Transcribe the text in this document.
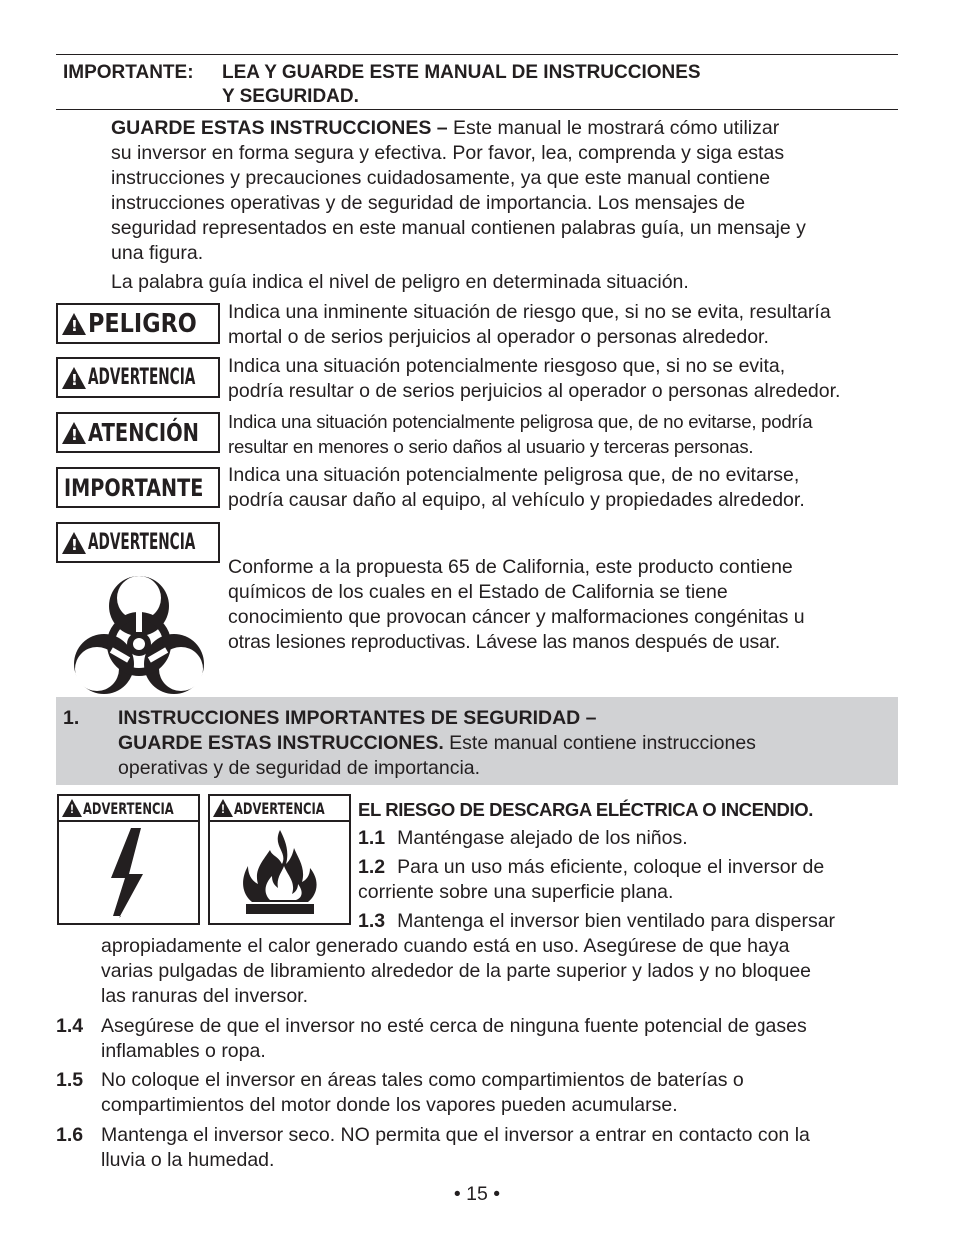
IMPORTANTE: LEA Y GUARDE ESTE MANUAL DE INSTRUCCIONES
Y SEGURIDAD.
GUARDE ESTAS INSTRUCCIONES – Este manual le mostrará cómo utilizar
su inversor en forma segura y efectiva. Por favor, lea, comprenda y siga estas
instrucciones y precauciones cuidadosamente, ya que este manual contiene
instrucciones operativas y de seguridad de importancia. Los mensajes de
seguridad representados en este manual contienen palabras guía, un mensaje y
una figura.
La palabra guía indica el nivel de peligro en determinada situación.
!
PELIGRO Indica una inminente situación de riesgo que, si no se evita, resultaría
mortal o de serios perjuicios al operador o personas alrededor.
!
ADVERTENCIA Indica una situación potencialmente riesgoso que, si no se evita,
podría resultar o de serios perjuicios al operador o personas alrededor.
!
ATENCIÓN Indica una situación potencialmente peligrosa que, de no evitarse, podría
resultar en menores o serio daños al usuario y terceras personas.
IMPORTANTE Indica una situación potencialmente peligrosa que, de no evitarse,
podría causar daño al equipo, al vehículo y propiedades alrededor.
!
ADVERTENCIA
Conforme a la propuesta 65 de California, este producto contiene
químicos de los cuales en el Estado de California se tiene
conocimiento que provocan cáncer y malformaciones congénitas u
otras lesiones reproductivas. Lávese las manos después de usar.
1. INSTRUCCIONES IMPORTANTES DE SEGURIDAD –
GUARDE ESTAS INSTRUCCIONES. Este manual contiene instrucciones
operativas y de seguridad de importancia.
!
ADVERTENCIA
!	ADVERTENCIA EL RIESGO DE DESCARGA ELÉCTRICA O INCENDIO.
1.1 Manténgase alejado de los niños.
1.2 Para un uso más eficiente, coloque el inversor de
corriente sobre una superficie plana.
1.3 Mantenga el inversor bien ventilado para dispersar
apropiadamente el calor generado cuando está en uso. Asegúrese de que haya
varias pulgadas de libramiento alrededor de la parte superior y lados y no bloquee
las ranuras del inversor.
1.4 Asegúrese de que el inversor no esté cerca de ninguna fuente potencial de gases
inflamables o ropa.
1.5 No coloque el inversor en áreas tales como compartimientos de baterías o
compartimientos del motor donde los vapores pueden acumularse.
1.6 Mantenga el inversor seco. NO permita que el inversor a entrar en contacto con la
lluvia o la humedad.
• 15 •
